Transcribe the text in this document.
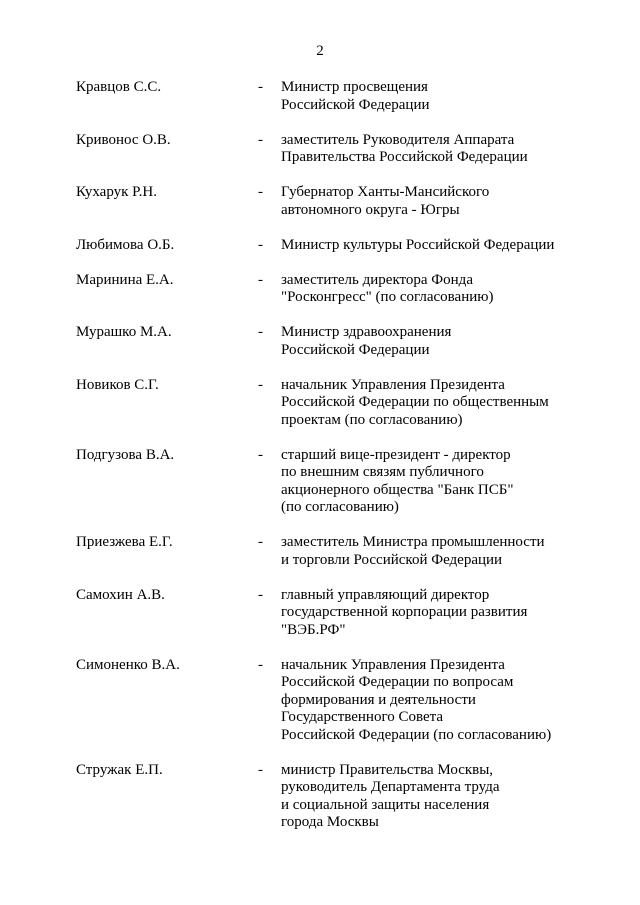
2
Кравцов С.С.	- Министр просвещения
Российской Федерации
Кривонос О.В.	- заместитель Руководителя Аппарата
Правительства Российской Федерации
Кухарук Р.Н.	- Губернатор Ханты-Мансийского
автономного округа - Югры
Любимова О.Б.	- Министр культуры Российской Федерации
Маринина Е.А.	- заместитель директора Фонда
"Росконгресс" (по согласованию)
Мурашко М.А.	- Министр здравоохранения
Российской Федерации
Новиков С.Г.	- начальник Управления Президента
Российской Федерации по общественным
проектам (по согласованию)
Подгузова В.А.	- старший вице-президент - директор
по внешним связям публичного
акционерного общества "Банк ПСБ"
(по согласованию)
Приезжева Е.Г.	- заместитель Министра промышленности
и торговли Российской Федерации
Самохин А.В.	- главный управляющий директор
государственной корпорации развития
"ВЭБ.РФ"
Симоненко В.А.	- начальник Управления Президента
Российской Федерации по вопросам
формирования и деятельности
Государственного Совета
Российской Федерации (по согласованию)
Стружак Е.П.	- министр Правительства Москвы,
руководитель Департамента труда
и социальной защиты населения
города Москвы
